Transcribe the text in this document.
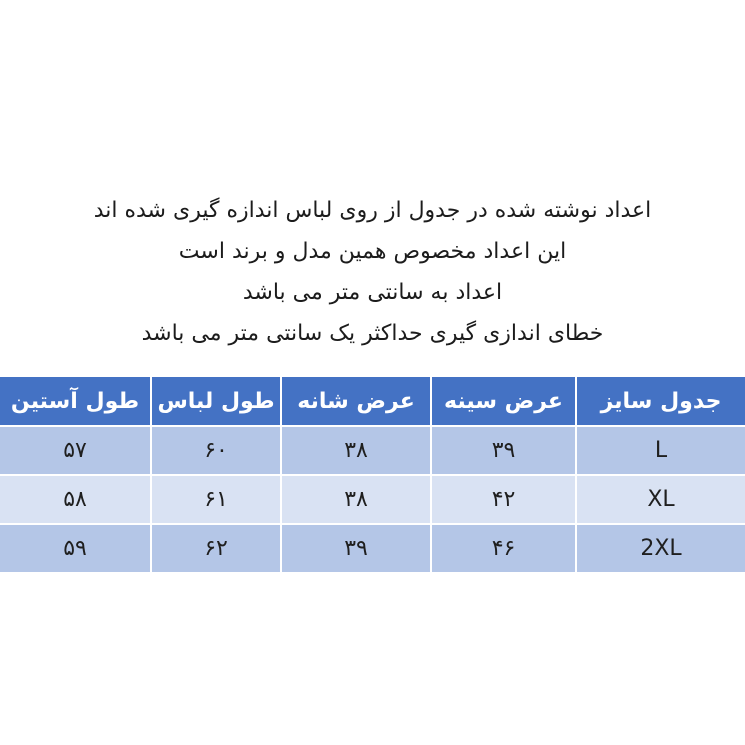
اعداد نوشته شده در جدول از روی لباس اندازه گیری شده اند
این اعداد مخصوص همین مدل و برند است
اعداد به سانتی متر می باشد
خطای اندازی گیری حداکثر یک سانتی متر می باشد
جدول سایز
عرض سینه
عرض شانه
طول لباس
طول آستین
L
۳۹
۳۸
۶۰
۵۷
XL
۴۲
۳۸
۶۱
۵۸
2XL
۴۶
۳۹
۶۲
۵۹
